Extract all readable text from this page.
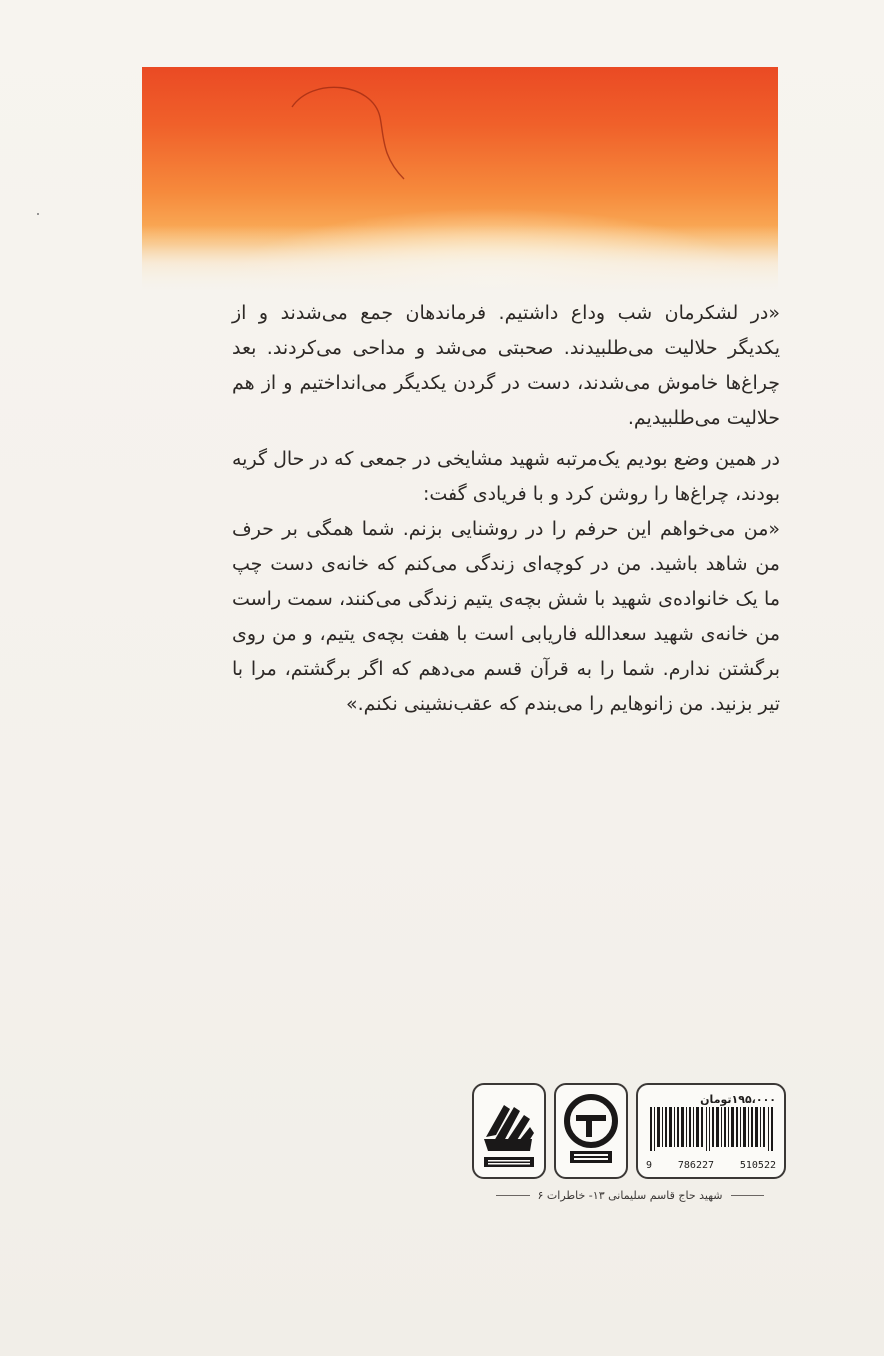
«در لشکرمان شب وداع داشتیم. فرماندهان جمع می‌شدند و از یکدیگر حلالیت می‌طلبیدند. صحبتی می‌شد و مداحی می‌کردند. بعد چراغ‌ها خاموش می‌شدند، دست در گردن یکدیگر می‌انداختیم و از هم حلالیت می‌طلبیدیم.

در همین وضع بودیم یک‌مرتبه شهید مشایخی در جمعی که در حال گریه بودند، چراغ‌ها را روشن کرد و با فریادی گفت:

«من می‌خواهم این حرفم را در روشنایی بزنم. شما همگی بر حرف من شاهد باشید. من در کوچه‌ای زندگی می‌کنم که خانه‌ی دست چپ ما یک خانواده‌ی شهید با شش بچه‌ی یتیم زندگی می‌کنند، سمت راست من خانه‌ی شهید سعدالله فاریابی است با هفت بچه‌ی یتیم، و من روی برگشتن ندارم. شما را به قرآن قسم می‌دهم که اگر برگشتم، مرا با تیر بزنید. من زانوهایم را می‌بندم که عقب‌نشینی نکنم.»

۱۹۵،۰۰۰تومان
9	786227	510522
شهید حاج قاسم سلیمانی ۱۳- خاطرات ۶
